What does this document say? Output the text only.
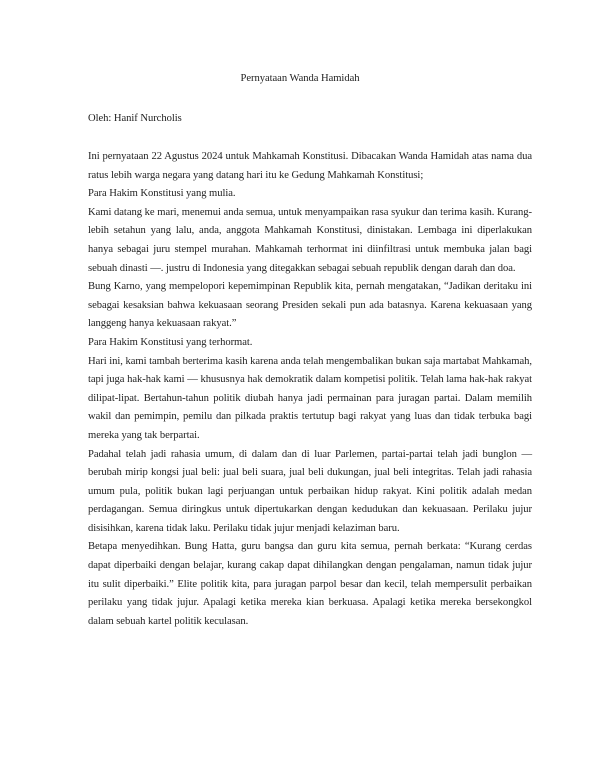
Pernyataan Wanda Hamidah

Oleh: Hanif Nurcholis

Ini pernyataan 22 Agustus 2024 untuk Mahkamah Konstitusi. Dibacakan Wanda Hamidah atas nama dua ratus lebih warga negara yang datang hari itu ke Gedung Mahkamah Konstitusi;

Para Hakim Konstitusi yang mulia.

Kami datang ke mari, menemui anda semua, untuk menyampaikan rasa syukur dan terima kasih. Kurang-lebih setahun yang lalu, anda, anggota Mahkamah Konstitusi, dinistakan. Lembaga ini diperlakukan hanya sebagai juru stempel murahan. Mahkamah terhormat ini diinfiltrasi untuk membuka jalan bagi sebuah dinasti —. justru di Indonesia yang ditegakkan sebagai sebuah republik dengan darah dan doa.

Bung Karno, yang mempelopori kepemimpinan Republik kita, pernah mengatakan, “Jadikan deritaku ini sebagai kesaksian bahwa kekuasaan seorang Presiden sekali pun ada batasnya. Karena kekuasaan yang langgeng hanya kekuasaan rakyat.”

Para Hakim Konstitusi yang terhormat.

Hari ini, kami tambah berterima kasih karena anda telah mengembalikan bukan saja martabat Mahkamah, tapi juga hak-hak kami — khususnya hak demokratik dalam kompetisi politik. Telah lama hak-hak rakyat dilipat-lipat. Bertahun-tahun politik diubah hanya jadi permainan para juragan partai. Dalam memilih wakil dan pemimpin, pemilu dan pilkada praktis tertutup bagi rakyat yang luas dan tidak terbuka bagi mereka yang tak berpartai.

Padahal telah jadi rahasia umum, di dalam dan di luar Parlemen, partai-partai telah jadi bunglon — berubah mirip kongsi jual beli: jual beli suara, jual beli dukungan, jual beli integritas. Telah jadi rahasia umum pula, politik bukan lagi perjuangan untuk perbaikan hidup rakyat. Kini politik adalah medan perdagangan. Semua diringkus untuk dipertukarkan dengan kedudukan dan kekuasaan. Perilaku jujur disisihkan, karena tidak laku. Perilaku tidak jujur menjadi kelaziman baru.

Betapa menyedihkan. Bung Hatta, guru bangsa dan guru kita semua, pernah berkata: “Kurang cerdas dapat diperbaiki dengan belajar, kurang cakap dapat dihilangkan dengan pengalaman, namun tidak jujur itu sulit diperbaiki.” Elite politik kita, para juragan parpol besar dan kecil, telah mempersulit perbaikan perilaku yang tidak jujur. Apalagi ketika mereka kian berkuasa. Apalagi ketika mereka bersekongkol dalam sebuah kartel politik keculasan.
